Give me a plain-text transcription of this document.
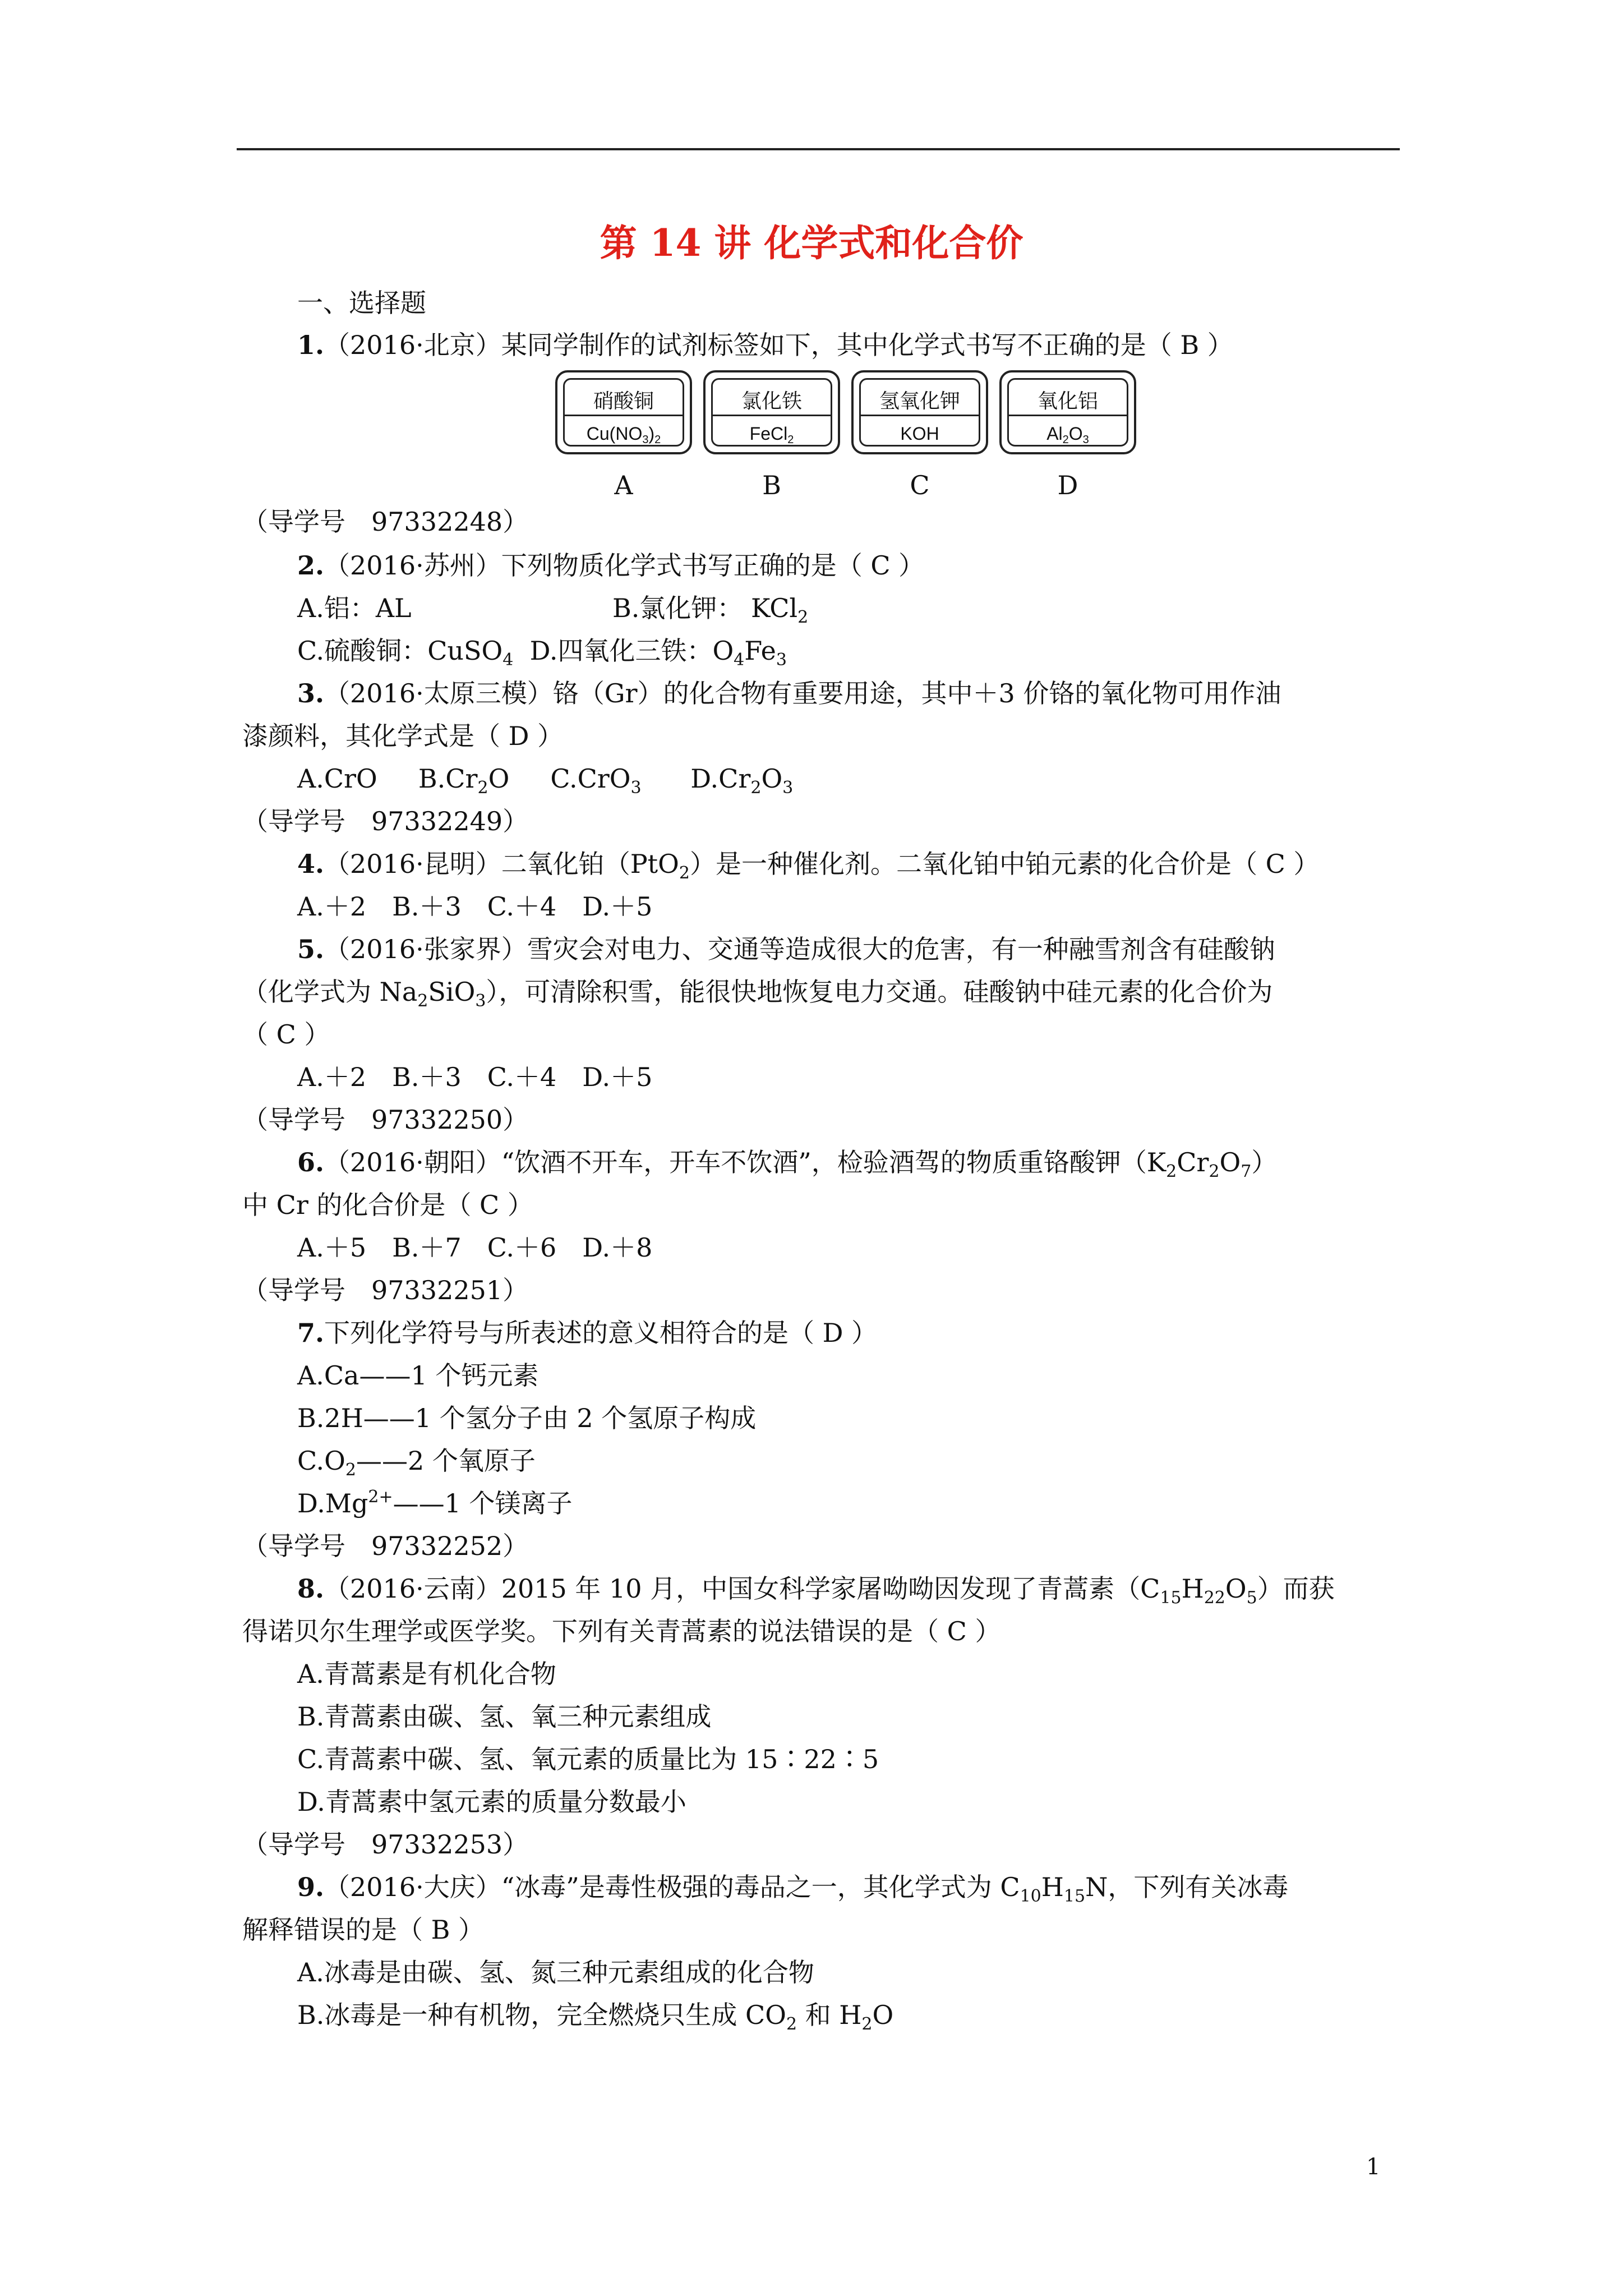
第 14 讲 化学式和化合价
一、选择题
1.（2016·北京）某同学制作的试剂标签如下，其中化学式书写不正确的是（ B ）
硝酸铜
$Cu(NO_3)_2$
A
氯化铁
FeCl$_2$
B
氢氧化钾
KOH
C
氧化铝
$Al_2O_3$
D
（导学号　97332248）
2.（2016·苏州）下列物质化学式书写正确的是（ C ）
A.铝：AL	B.氯化钾： KCl$_2$
C.硫酸铜：CuSO$_4$ D.四氧化三铁：$O_4Fe_3$
3.（2016·太原三模）铬（Gr）的化合物有重要用途，其中＋3 价铬的氧化物可用作油
漆颜料，其化学式是（ D ）
A.CrO     $B.Cr_2O$     C.CrO$_3$      $D.Cr_2O_3$
（导学号　97332249）
4.（2016·昆明）二氧化铂（PtO$_2$）是一种催化剂。二氧化铂中铂元素的化合价是（ C ）
A.＋2　B.＋3　C.＋4　D.＋5
5.（2016·张家界）雪灾会对电力、交通等造成很大的危害，有一种融雪剂含有硅酸钠
（化学式为 $Na_2SiO_3$），可清除积雪，能很快地恢复电力交通。硅酸钠中硅元素的化合价为
（ C ）
A.＋2　B.＋3　C.＋4　D.＋5
（导学号　97332250）
6.（2016·朝阳）“饮酒不开车，开车不饮酒”，检验酒驾的物质重铬酸钾$(K_2Cr_2O_7)$
中 Cr 的化合价是（ C ）
A.＋5　B.＋7　C.＋6　D.＋8
（导学号　97332251）
7.下列化学符号与所表述的意义相符合的是（ D ）
A.Ca——1 个钙元素
B.2H——1 个氢分子由 2 个氢原子构成
$C.O_2——2$ 个氧原子
$D.Mg^{2+}——1$ 个镁离子
（导学号　97332252）
8.（2016·云南）2015 年 10 月，中国女科学家屠呦呦因发现了青蒿素$(C_{15}H_{22}O_5)$而获
得诺贝尔生理学或医学奖。下列有关青蒿素的说法错误的是（ C ）
A.青蒿素是有机化合物
B.青蒿素由碳、氢、氧三种元素组成
C.青蒿素中碳、氢、氧元素的质量比为 15∶22∶5
D.青蒿素中氢元素的质量分数最小
（导学号　97332253）
9.（2016·大庆）“冰毒”是毒性极强的毒品之一，其化学式为 $C_{10}H_{15}N$，下列有关冰毒
解释错误的是（ B ）
A.冰毒是由碳、氢、氮三种元素组成的化合物
B.冰毒是一种有机物，完全燃烧只生成 $CO_2$ 和 $H_2O$
1
